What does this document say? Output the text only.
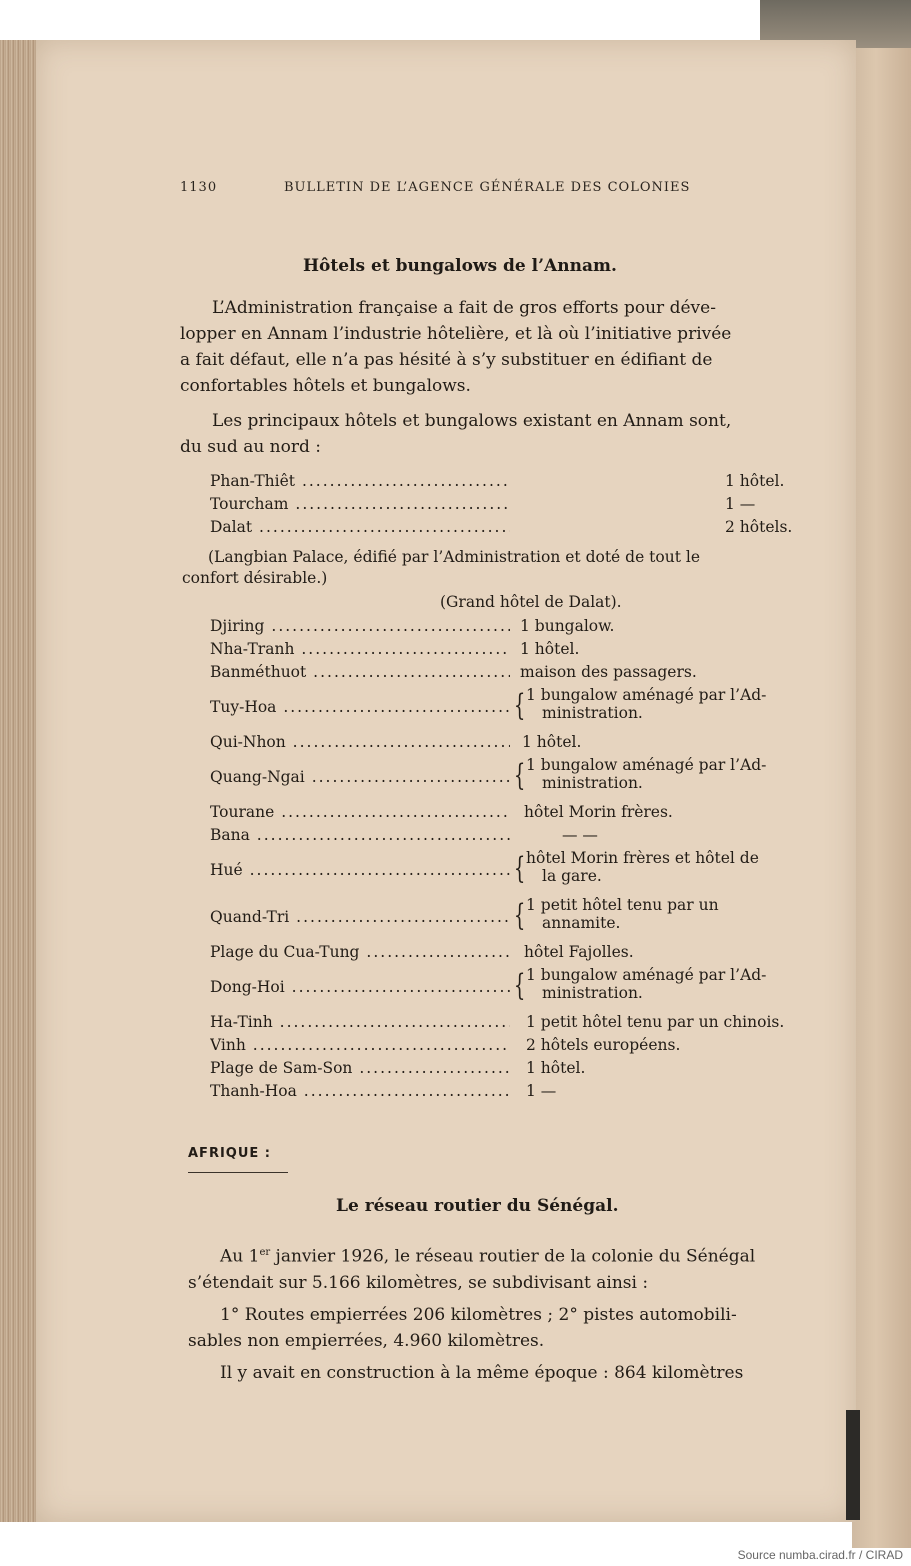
1130	BULLETIN DE L’AGENCE GÉNÉRALE DES COLONIES
Hôtels et bungalows de l’Annam.

L’Administration française a fait de gros efforts pour déve-
lopper en Annam l’industrie hôtelière, et là où l’initiative privée
a fait défaut, elle n’a pas hésité à s’y substituer en édifiant de
confortables hôtels et bungalows.

Les principaux hôtels et bungalows existant en Annam sont,
du sud au nord :

Phan-Thiêt .....	1 hôtel.
Tourcham .....	1 —
Dalat .....	2 hôtels.
(Langbian Palace, édifié par l’Administration et doté de tout le
confort désirable.)
(Grand hôtel de Dalat).
Djiring .....	1 bungalow.
Nha-Tranh .....	1 hôtel.
Banméthuot .....	maison des passagers.
Tuy-Hoa .....	{ 1 bungalow aménagé par l’Ad-
ministration.
Qui-Nhon .....	1 hôtel.
Quang-Ngai .....	{ 1 bungalow aménagé par l’Ad-
ministration.
Tourane .....	hôtel Morin frères.
Bana .....	— —
Hué .....	{ hôtel Morin frères et hôtel de
la gare.
Quand-Tri .....	{ 1 petit hôtel tenu par un
annamite.
Plage du Cua-Tung .....	hôtel Fajolles.
Dong-Hoi .....	{ 1 bungalow aménagé par l’Ad-
ministration.
Ha-Tinh .....	1 petit hôtel tenu par un chinois.
Vinh .....	2 hôtels européens.
Plage de Sam-Son .....	1 hôtel.
Thanh-Hoa .....	1 —
AFRIQUE :
Le réseau routier du Sénégal.

Au 1er janvier 1926, le réseau routier de la colonie du Sénégal
s’étendait sur 5.166 kilomètres, se subdivisant ainsi :

1° Routes empierrées 206 kilomètres ; 2° pistes automobili-
sables non empierrées, 4.960 kilomètres.

Il y avait en construction à la même époque : 864 kilomètres

Source numba.cirad.fr / CIRAD
